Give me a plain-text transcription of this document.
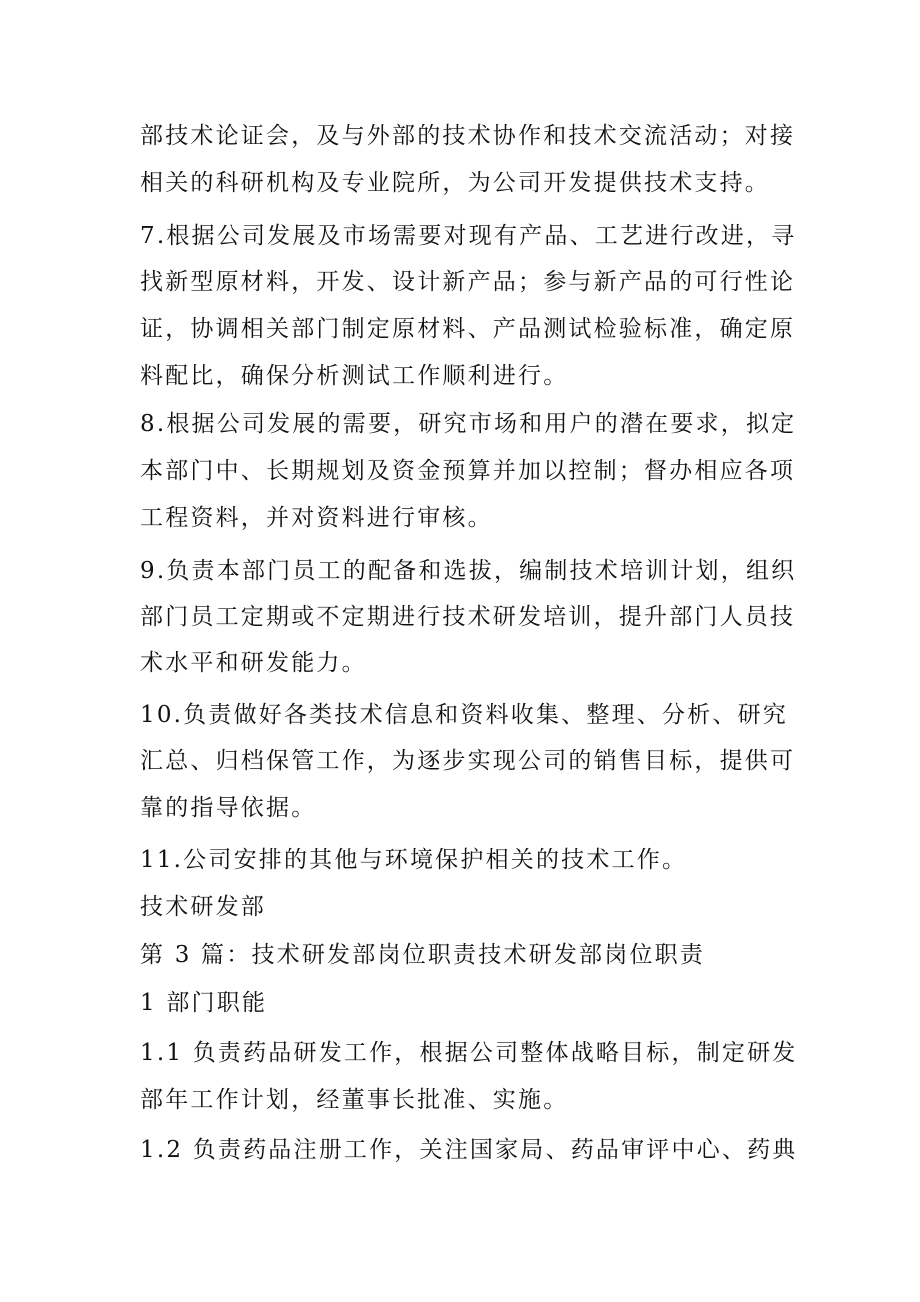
部技术论证会，及与外部的技术协作和技术交流活动；对接
相关的科研机构及专业院所，为公司开发提供技术支持。
7.根据公司发展及市场需要对现有产品、工艺进行改进，寻
找新型原材料，开发、设计新产品；参与新产品的可行性论
证，协调相关部门制定原材料、产品测试检验标准，确定原
料配比，确保分析测试工作顺利进行。
8.根据公司发展的需要，研究市场和用户的潜在要求，拟定
本部门中、长期规划及资金预算并加以控制；督办相应各项
工程资料，并对资料进行审核。
9.负责本部门员工的配备和选拔，编制技术培训计划，组织
部门员工定期或不定期进行技术研发培训，提升部门人员技
术水平和研发能力。
10.负责做好各类技术信息和资料收集、整理、分析、研究
汇总、归档保管工作，为逐步实现公司的销售目标，提供可
靠的指导依据。
11.公司安排的其他与环境保护相关的技术工作。
技术研发部
第 3 篇：技术研发部岗位职责技术研发部岗位职责
1 部门职能
1.1 负责药品研发工作，根据公司整体战略目标，制定研发
部年工作计划，经董事长批准、实施。
1.2 负责药品注册工作，关注国家局、药品审评中心、药典
